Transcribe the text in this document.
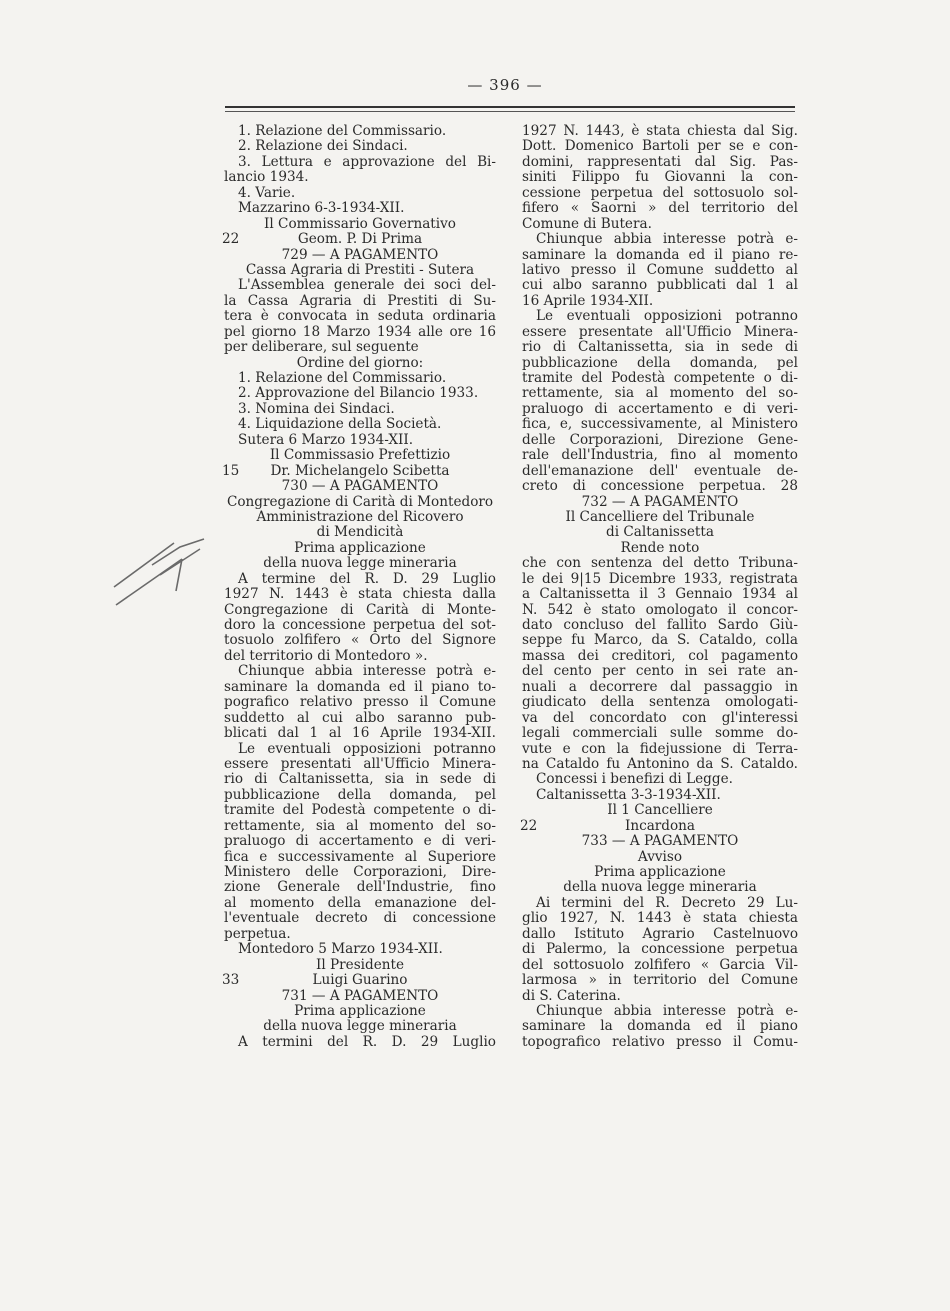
— 396 —
1. Relazione del Commissario.
2. Relazione dei Sindaci.
3. Lettura e approvazione del Bi-
lancio 1934.
4. Varie.
Mazzarino 6-3-1934-XII.
Il Commissario Governativo
22	Geom. P. Di Prima
729 — A PAGAMENTO
Cassa Agraria di Prestiti - Sutera
L'Assemblea generale dei soci del-
la Cassa Agraria di Prestiti di Su-
tera è convocata in seduta ordinaria
pel giorno 18 Marzo 1934 alle ore 16
per deliberare, sul seguente
Ordine del giorno:
1. Relazione del Commissario.
2. Approvazione del Bilancio 1933.
3. Nomina dei Sindaci.
4. Liquidazione della Società.
Sutera 6 Marzo 1934-XII.
Il Commissasio Prefettizio
15	Dr. Michelangelo Scibetta
730 — A PAGAMENTO
Congregazione di Carità di Montedoro
Amministrazione del Ricovero
di Mendicità
Prima applicazione
della nuova legge mineraria
A termine del R. D. 29 Luglio
1927 N. 1443 è stata chiesta dalla
Congregazione di Carità di Monte-
doro la concessione perpetua del sot-
tosuolo zolfifero « Orto del Signore
del territorio di Montedoro ».
Chiunque abbia interesse potrà e-
saminare la domanda ed il piano to-
pografico relativo presso il Comune
suddetto al cui albo saranno pub-
blicati dal 1 al 16 Aprile 1934-XII.
Le eventuali opposizioni potranno
essere presentati all'Ufficio Minera-
rio di Caltanissetta, sia in sede di
pubblicazione della domanda, pel
tramite del Podestà competente o di-
rettamente, sia al momento del so-
praluogo di accertamento e di veri-
fica e successivamente al Superiore
Ministero delle Corporazioni, Dire-
zione Generale dell'Industrie, fino
al momento della emanazione del-
l'eventuale decreto di concessione
perpetua.
Montedoro 5 Marzo 1934-XII.
Il Presidente
33	Luigi Guarino
731 — A PAGAMENTO
Prima applicazione
della nuova legge mineraria
A termini del R. D. 29 Luglio
1927 N. 1443, è stata chiesta dal Sig.
Dott. Domenico Bartoli per se e con-
domini, rappresentati dal Sig. Pas-
siniti Filippo fu Giovanni la con-
cessione perpetua del sottosuolo sol-
fifero « Saorni » del territorio del
Comune di Butera.
Chiunque abbia interesse potrà e-
saminare la domanda ed il piano re-
lativo presso il Comune suddetto al
cui albo saranno pubblicati dal 1 al
16 Aprile 1934-XII.
Le eventuali opposizioni potranno
essere presentate all'Ufficio Minera-
rio di Caltanissetta, sia in sede di
pubblicazione della domanda, pel
tramite del Podestà competente o di-
rettamente, sia al momento del so-
praluogo di accertamento e di veri-
fica, e, successivamente, al Ministero
delle Corporazioni, Direzione Gene-
rale dell'Industria, fino al momento
dell'emanazione dell' eventuale de-
creto di concessione perpetua. 28
732 — A PAGAMENTO
Il Cancelliere del Tribunale
di Caltanissetta
Rende noto
che con sentenza del detto Tribuna-
le dei 9|15 Dicembre 1933, registrata
a Caltanissetta il 3 Gennaio 1934 al
N. 542 è stato omologato il concor-
dato concluso del fallito Sardo Giù-
seppe fu Marco, da S. Cataldo, colla
massa dei creditori, col pagamento
del cento per cento in sei rate an-
nuali a decorrere dal passaggio in
giudicato della sentenza omologati-
va del concordato con gl'interessi
legali commerciali sulle somme do-
vute e con la fidejussione di Terra-
na Cataldo fu Antonino da S. Cataldo.
Concessi i benefizi di Legge.
Caltanissetta 3-3-1934-XII.
Il 1 Cancelliere
22	Incardona
733 — A PAGAMENTO
Avviso
Prima applicazione
della nuova legge mineraria
Ai termini del R. Decreto 29 Lu-
glio 1927, N. 1443 è stata chiesta
dallo Istituto Agrario Castelnuovo
di Palermo, la concessione perpetua
del sottosuolo zolfifero « Garcia Vil-
larmosa » in territorio del Comune
di S. Caterina.
Chiunque abbia interesse potrà e-
saminare la domanda ed il piano
topografico relativo presso il Comu-
